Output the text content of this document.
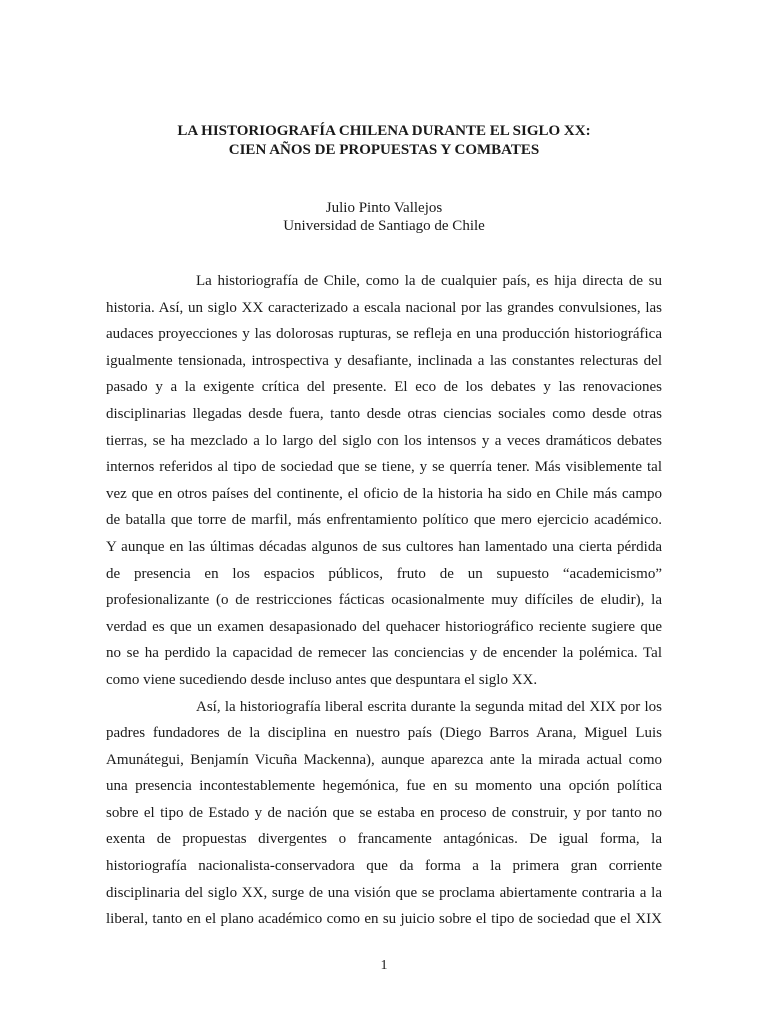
LA HISTORIOGRAFÍA CHILENA DURANTE EL SIGLO XX:
CIEN AÑOS DE PROPUESTAS Y COMBATES
Julio Pinto Vallejos
Universidad de Santiago de Chile
La historiografía de Chile, como la de cualquier país, es hija directa de su
historia. Así, un siglo XX caracterizado a escala nacional por las grandes convulsiones, las
audaces proyecciones y las dolorosas rupturas, se refleja en una producción historiográfica
igualmente tensionada, introspectiva y desafiante, inclinada a las constantes relecturas del
pasado y a la exigente crítica del presente. El eco de los debates y las renovaciones
disciplinarias llegadas desde fuera, tanto desde otras ciencias sociales como desde otras
tierras, se ha mezclado a lo largo del siglo con los intensos y a veces dramáticos debates
internos referidos al tipo de sociedad que se tiene, y se querría tener. Más visiblemente tal
vez que en otros países del continente, el oficio de la historia ha sido en Chile más campo
de batalla que torre de marfil, más enfrentamiento político que mero ejercicio académico.
Y aunque en las últimas décadas algunos de sus cultores han lamentado una cierta pérdida
de presencia en los espacios públicos, fruto de un supuesto “academicismo”
profesionalizante (o de restricciones fácticas ocasionalmente muy difíciles de eludir), la
verdad es que un examen desapasionado del quehacer historiográfico reciente sugiere que
no se ha perdido la capacidad de remecer las conciencias y de encender la polémica. Tal
como viene sucediendo desde incluso antes que despuntara el siglo XX.
Así, la historiografía liberal escrita durante la segunda mitad del XIX por los
padres fundadores de la disciplina en nuestro país (Diego Barros Arana, Miguel Luis
Amunátegui, Benjamín Vicuña Mackenna), aunque aparezca ante la mirada actual como
una presencia incontestablemente hegemónica, fue en su momento una opción política
sobre el tipo de Estado y de nación que se estaba en proceso de construir, y por tanto no
exenta de propuestas divergentes o francamente antagónicas. De igual forma, la
historiografía nacionalista-conservadora que da forma a la primera gran corriente
disciplinaria del siglo XX, surge de una visión que se proclama abiertamente contraria a la
liberal, tanto en el plano académico como en su juicio sobre el tipo de sociedad que el XIX
1
